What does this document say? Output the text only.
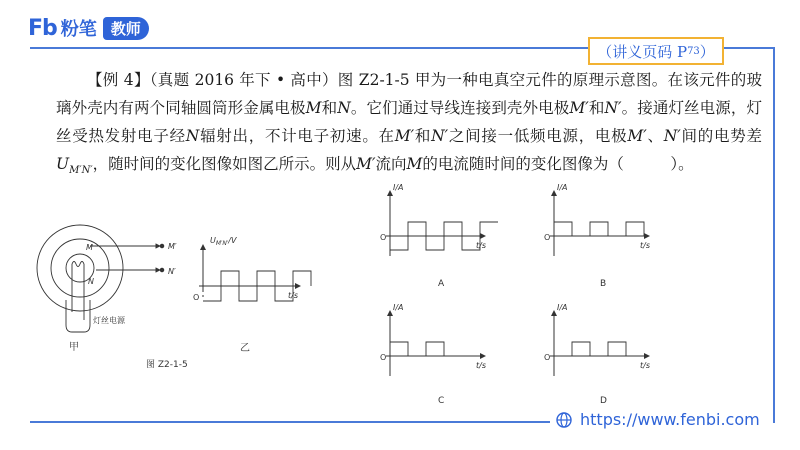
Fb 粉笔 教师
（讲义页码 P 73 ）
【例 4】（真题 2016 年下 • 高中）图 Z2-1-5 甲为一种电真空元件的原理示意图。在该元件的玻璃外壳内有两个同轴圆筒形金属电极M和N。它们通过导线连接到壳外电极M′和N′。接通灯丝电源，灯丝受热发射电子经N辐射出，不计电子初速。在M′和N′之间接一低频电源，电极M′、N′间的电势差$U_{M'N'}$，随时间的变化图像如图乙所示。则从M′流向M的电流随时间的变化图像为（　　　）。
M
N
M′
N′
灯丝电源
甲
图 Z2-1-5
$U_{M'N'}/V$
O	t/s
乙
I/A
O
t/s
A
I/A
O
t/s
B
I/A
O
t/s
C
I/A
O
t/s
D
https://www.fenbi.com
